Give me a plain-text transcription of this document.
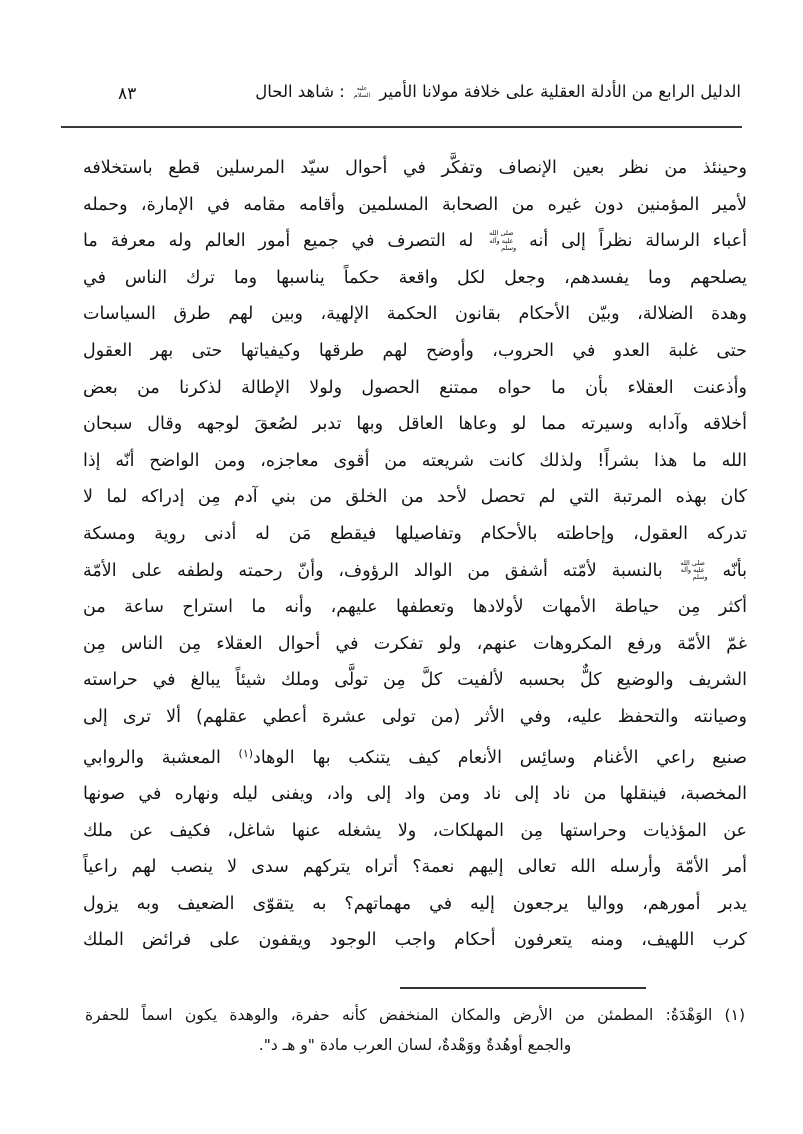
الدليل الرابع من الأدلة العقلية على خلافة مولانا الأمير عليه السلام : شاهد الحال
٨٣
وحينئذ من نظر بعين الإنصاف وتفكَّر في أحوال سيّد المرسلين قطع باستخلافه
لأمير المؤمنين دون غيره من الصحابة المسلمين وأقامه مقامه في الإمارة، وحمله
أعباء الرسالة نظراً إلى أنه صلى الله عليه وآله وسلم له التصرف في جميع أمور العالم وله معرفة ما
يصلحهم وما يفسدهم، وجعل لكل واقعة حكماً يناسبها وما ترك الناس في
وهدة الضلالة، وبيّن الأحكام بقانون الحكمة الإلهية، وبين لهم طرق السياسات
حتى غلبة العدو في الحروب، وأوضح لهم طرقها وكيفياتها حتى بهر العقول
وأذعنت العقلاء بأن ما حواه ممتنع الحصول ولولا الإطالة لذكرنا من بعض
أخلاقه وآدابه وسيرته مما لو وعاها العاقل وبها تدبر لصُعقَ لوجهه وقال سبحان
الله ما هذا بشراً! ولذلك كانت شريعته من أقوى معاجزه، ومن الواضح أنّه إذا
كان بهذه المرتبة التي لم تحصل لأحد من الخلق من بني آدم مِن إدراكه لما لا
تدركه العقول، وإحاطته بالأحكام وتفاصيلها فيقطع مَن له أدنى روية ومسكة
بأنّه صلى الله عليه وآله وسلم بالنسبة لأمّته أشفق من الوالد الرؤوف، وأنّ رحمته ولطفه على الأمّة
أكثر مِن حياطة الأمهات لأولادها وتعطفها عليهم، وأنه ما استراح ساعة من
غمّ الأمّة ورفع المكروهات عنهم، ولو تفكرت في أحوال العقلاء مِن الناس مِن
الشريف والوضيع كلٌّ بحسبه لألفيت كلَّ مِن تولَّى وملك شيئاً يبالغ في حراسته
وصيانته والتحفظ عليه، وفي الأثر (من تولى عشرة أعطي عقلهم) ألا ترى إلى
صنيع راعي الأغنام وسائِس الأنعام كيف يتنكب بها الوهاد$^{(١)}$ المعشبة والروابي
المخصبة، فينقلها من ناد إلى ناد ومن واد إلى واد، ويفنى ليله ونهاره في صونها
عن المؤذيات وحراستها مِن المهلكات، ولا يشغله عنها شاغل، فكيف عن ملك
أمر الأمّة وأرسله الله تعالى إليهم نعمة؟ أتراه يتركهم سدى لا ينصب لهم راعياً
يدبر أمورهم، وواليا يرجعون إليه في مهماتهم؟ به يتقوّى الضعيف وبه يزول
كرب اللهيف، ومنه يتعرفون أحكام واجب الوجود ويقفون على فرائض الملك
(١) الوَهْدَةُ: المطمئن من الأرض والمكان المنخفض كأنه حفرة، والوهدة يكون اسماً للحفرة
والجمع أوهُدةٌ ووَهْدةٌ، لسان العرب مادة "و هـ د".
